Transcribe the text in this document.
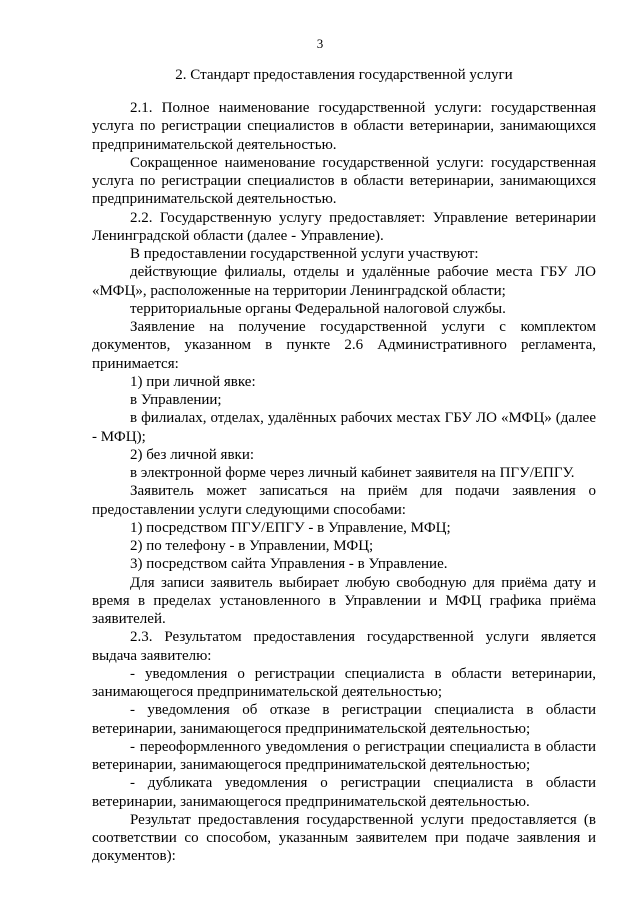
3
2. Стандарт предоставления государственной услуги

2.1. Полное наименование государственной услуги: государственная услуга по регистрации специалистов в области ветеринарии, занимающихся предпринимательской деятельностью.

Сокращенное наименование государственной услуги: государственная услуга по регистрации специалистов в области ветеринарии, занимающихся предпринимательской деятельностью.

2.2. Государственную услугу предоставляет: Управление ветеринарии Ленинградской области (далее - Управление).

В предоставлении государственной услуги участвуют:

действующие филиалы, отделы и удалённые рабочие места ГБУ ЛО «МФЦ», расположенные на территории Ленинградской области;

территориальные органы Федеральной налоговой службы.

Заявление на получение государственной услуги с комплектом документов, указанном в пункте 2.6 Административного регламента, принимается:

1) при личной явке:

в Управлении;

в филиалах, отделах, удалённых рабочих местах ГБУ ЛО «МФЦ» (далее - МФЦ);

2) без личной явки:

в электронной форме через личный кабинет заявителя на ПГУ/ЕПГУ.

Заявитель может записаться на приём для подачи заявления о предоставлении услуги следующими способами:

1) посредством ПГУ/ЕПГУ - в Управление, МФЦ;

2) по телефону - в Управлении, МФЦ;

3) посредством сайта Управления - в Управление.

Для записи заявитель выбирает любую свободную для приёма дату и время в пределах установленного в Управлении и МФЦ графика приёма заявителей.

2.3. Результатом предоставления государственной услуги является выдача заявителю:

- уведомления о регистрации специалиста в области ветеринарии, занимающегося предпринимательской деятельностью;

- уведомления об отказе в регистрации специалиста в области ветеринарии, занимающегося предпринимательской деятельностью;

- переоформленного уведомления о регистрации специалиста в области ветеринарии, занимающегося предпринимательской деятельностью;

- дубликата уведомления о регистрации специалиста в области ветеринарии, занимающегося предпринимательской деятельностью.

Результат предоставления государственной услуги предоставляется (в соответствии со способом, указанным заявителем при подаче заявления и документов):
